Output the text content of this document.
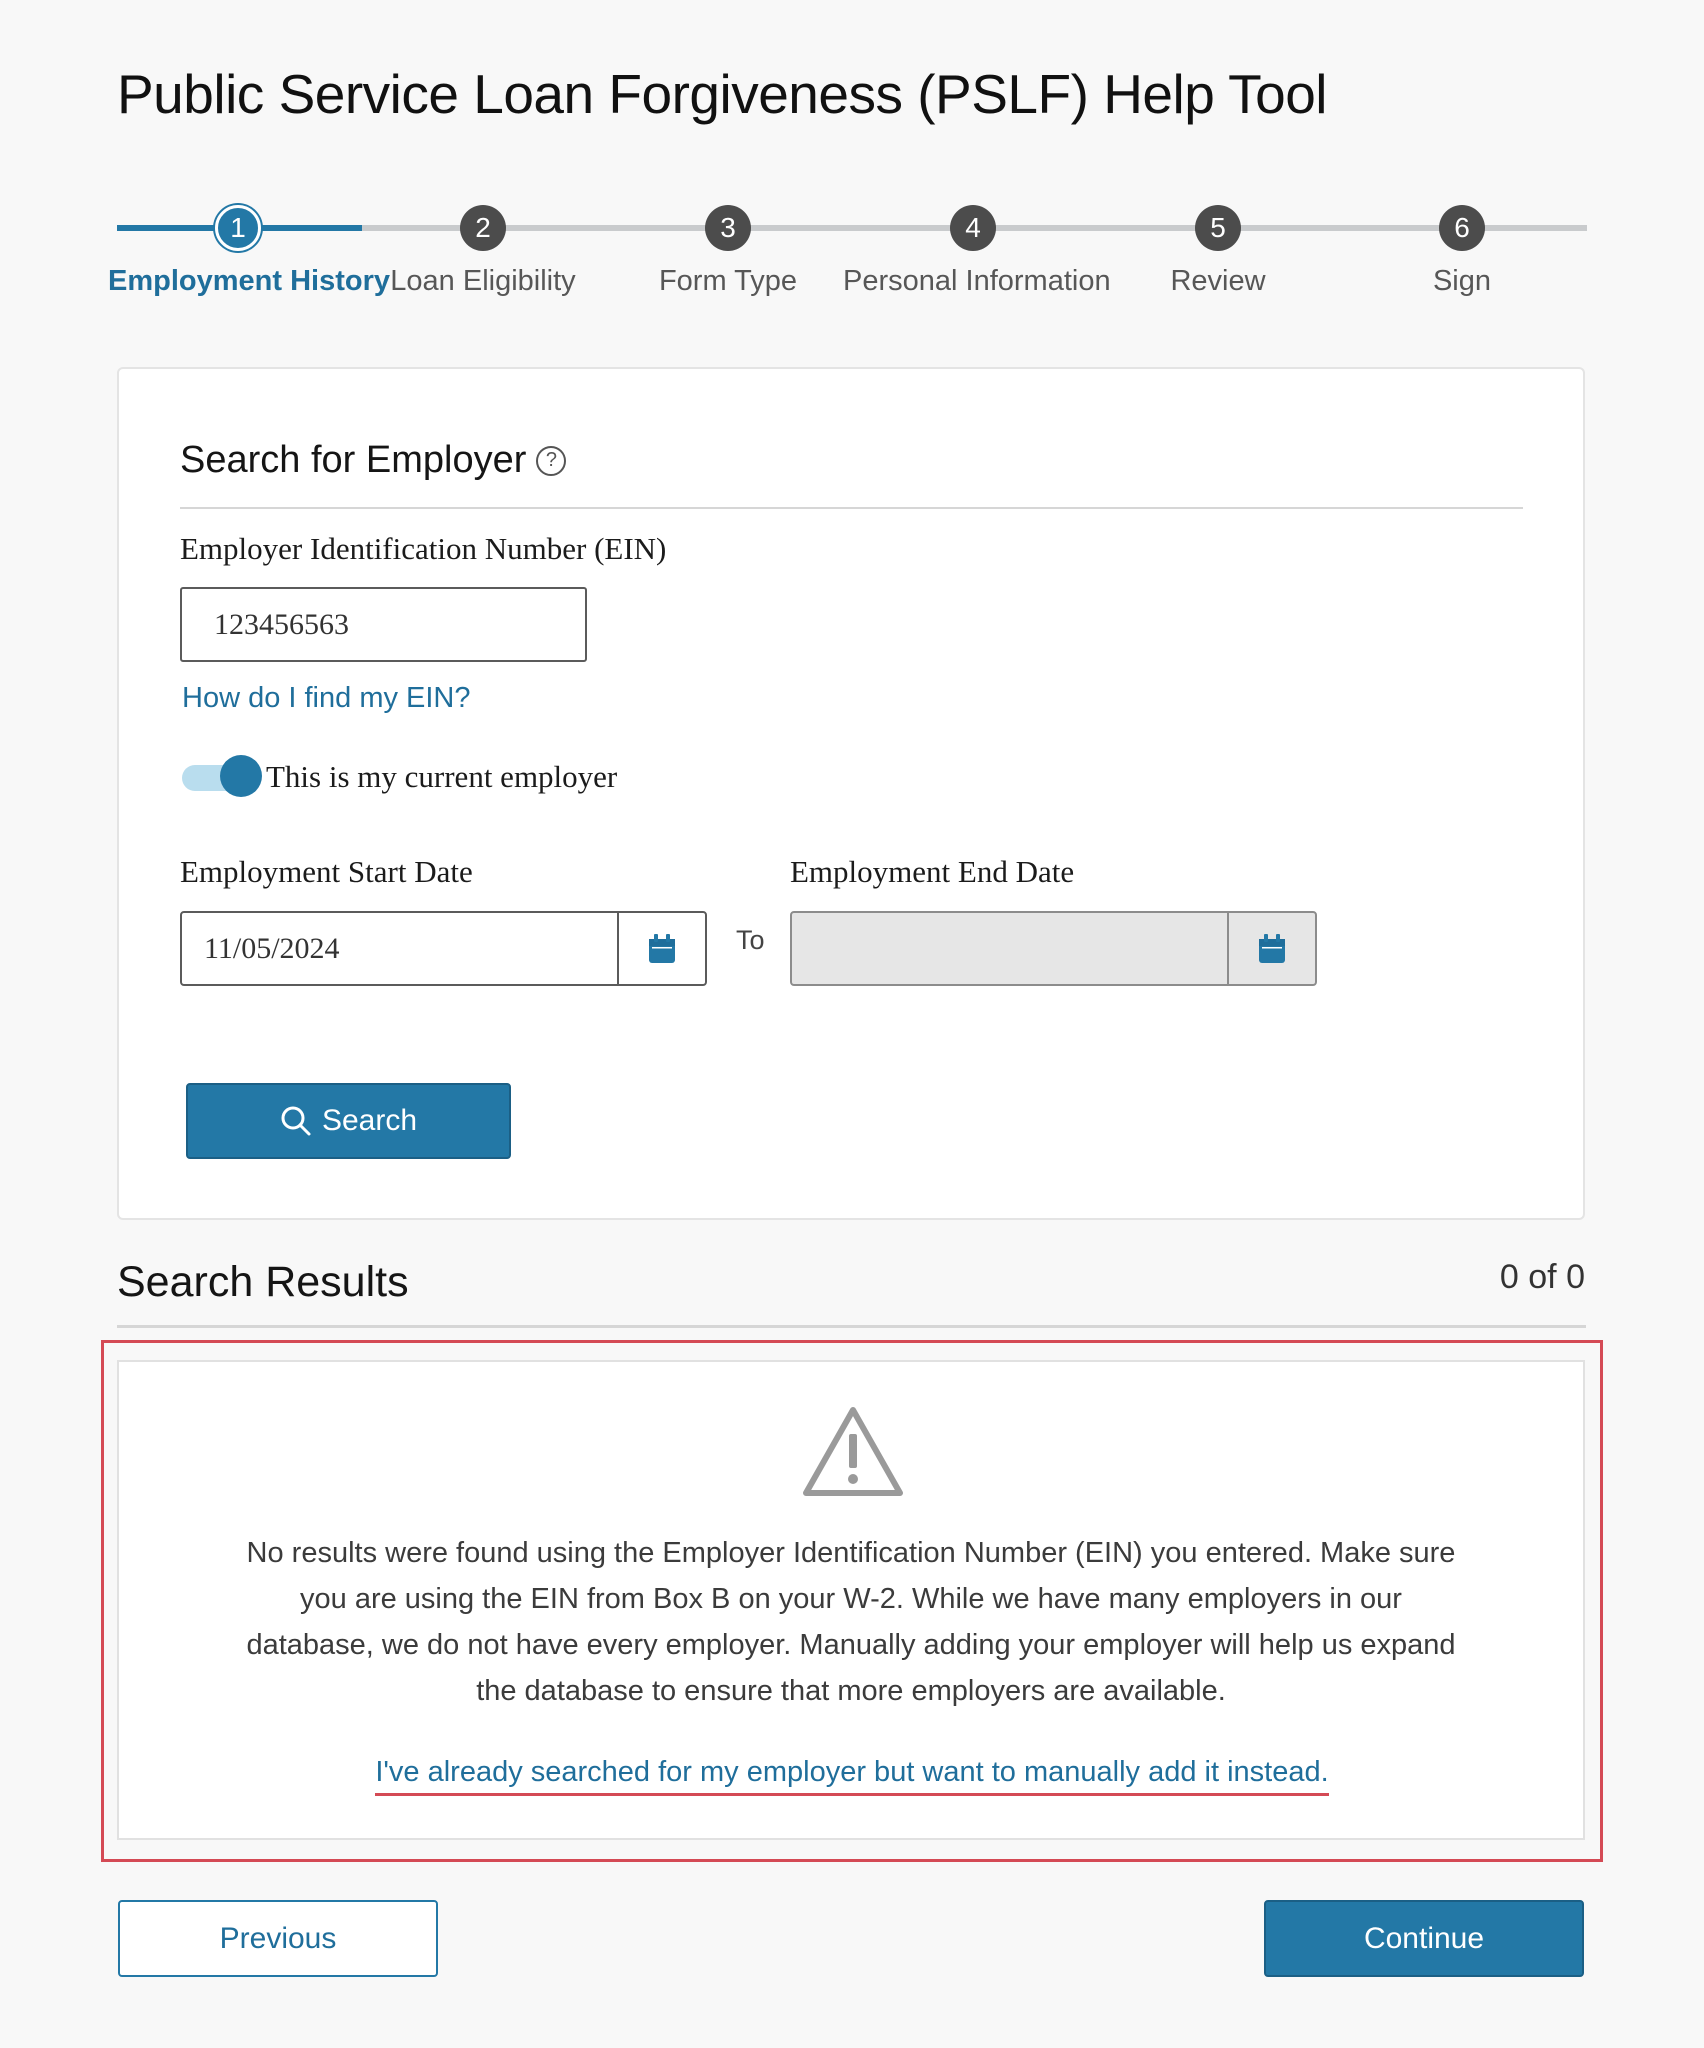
Public Service Loan Forgiveness (PSLF) Help Tool
1
Employment History
2
Loan Eligibility
3
Form Type
4
Personal Information
5
Review
6
Sign
Search for Employer ?
Employer Identification Number (EIN)
123456563
How do I find my EIN?
This is my current employer
Employment Start Date	Employment End Date
11/05/2024	To
Search
Search Results	0 of 0
No results were found using the Employer Identification Number (EIN) you entered. Make sure you are using the EIN from Box B on your W-2. While we have many employers in our database, we do not have every employer. Manually adding your employer will help us expand the database to ensure that more employers are available.
I've already searched for my employer but want to manually add it instead.
Previous	Continue
